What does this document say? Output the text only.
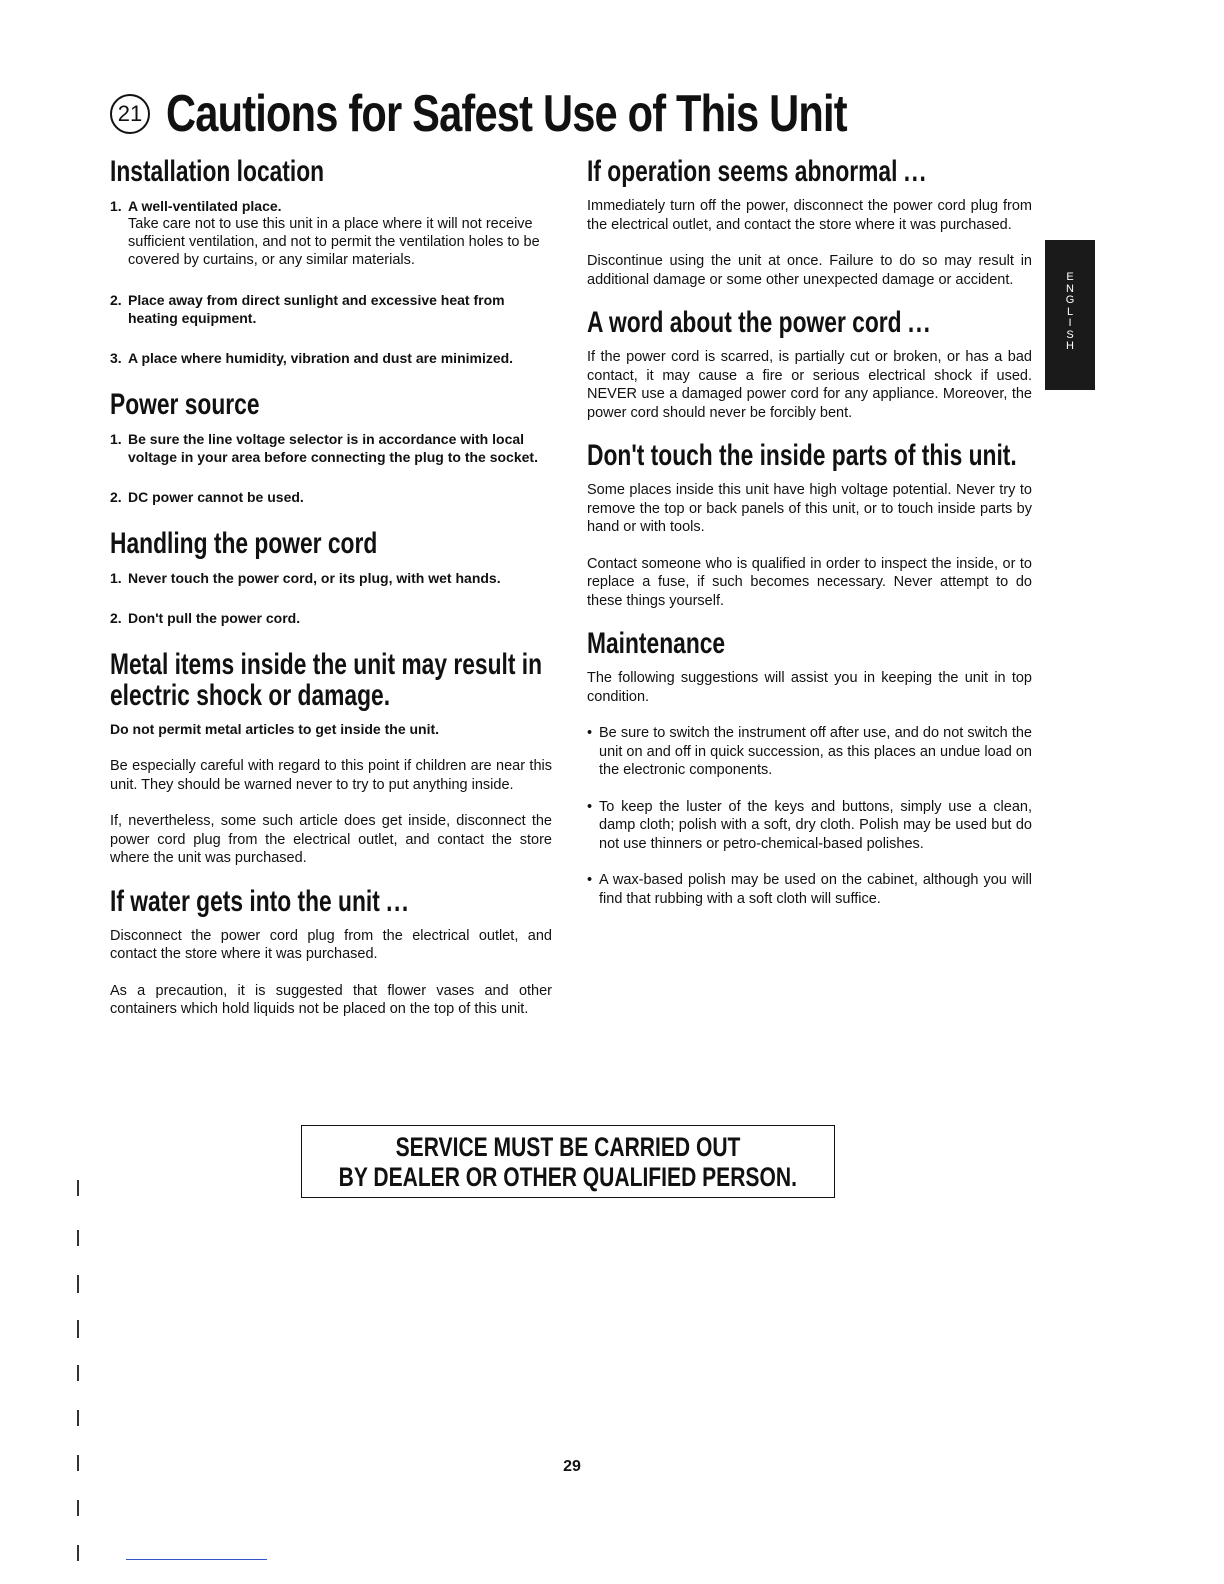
21 Cautions for Safest Use of This Unit
Installation location
1. A well-ventilated place.
Take care not to use this unit in a place where it will not receive sufficient ventilation, and not to permit the ventilation holes to be covered by curtains, or any similar materials.
2. Place away from direct sunlight and excessive heat from heating equipment.
3. A place where humidity, vibration and dust are minimized.
Power source
1. Be sure the line voltage selector is in accordance with local voltage in your area before connecting the plug to the socket.
2. DC power cannot be used.
Handling the power cord
1. Never touch the power cord, or its plug, with wet hands.
2. Don't pull the power cord.
Metal items inside the unit may result in electric shock or damage.

Do not permit metal articles to get inside the unit.

Be especially careful with regard to this point if children are near this unit. They should be warned never to try to put anything inside.

If, nevertheless, some such article does get inside, disconnect the power cord plug from the electrical outlet, and contact the store where the unit was purchased.

If water gets into the unit ...

Disconnect the power cord plug from the electrical outlet, and contact the store where it was purchased.

As a precaution, it is suggested that flower vases and other containers which hold liquids not be placed on the top of this unit.

If operation seems abnormal ...

Immediately turn off the power, disconnect the power cord plug from the electrical outlet, and contact the store where it was purchased.

Discontinue using the unit at once. Failure to do so may result in additional damage or some other unexpected damage or accident.

A word about the power cord ...

If the power cord is scarred, is partially cut or broken, or has a bad contact, it may cause a fire or serious electrical shock if used. NEVER use a damaged power cord for any appliance. Moreover, the power cord should never be forcibly bent.

Don't touch the inside parts of this unit.

Some places inside this unit have high voltage potential. Never try to remove the top or back panels of this unit, or to touch inside parts by hand or with tools.

Contact someone who is qualified in order to inspect the inside, or to replace a fuse, if such becomes necessary. Never attempt to do these things yourself.

Maintenance

The following suggestions will assist you in keeping the unit in top condition.

• Be sure to switch the instrument off after use, and do not switch the unit on and off in quick succession, as this places an undue load on the electronic components.
• To keep the luster of the keys and buttons, simply use a clean, damp cloth; polish with a soft, dry cloth. Polish may be used but do not use thinners or petro-chemical-based polishes.
• A wax-based polish may be used on the cabinet, although you will find that rubbing with a soft cloth will suffice.
E
N
G
L
I
S
H
SERVICE MUST BE CARRIED OUT
BY DEALER OR OTHER QUALIFIED PERSON.
29
